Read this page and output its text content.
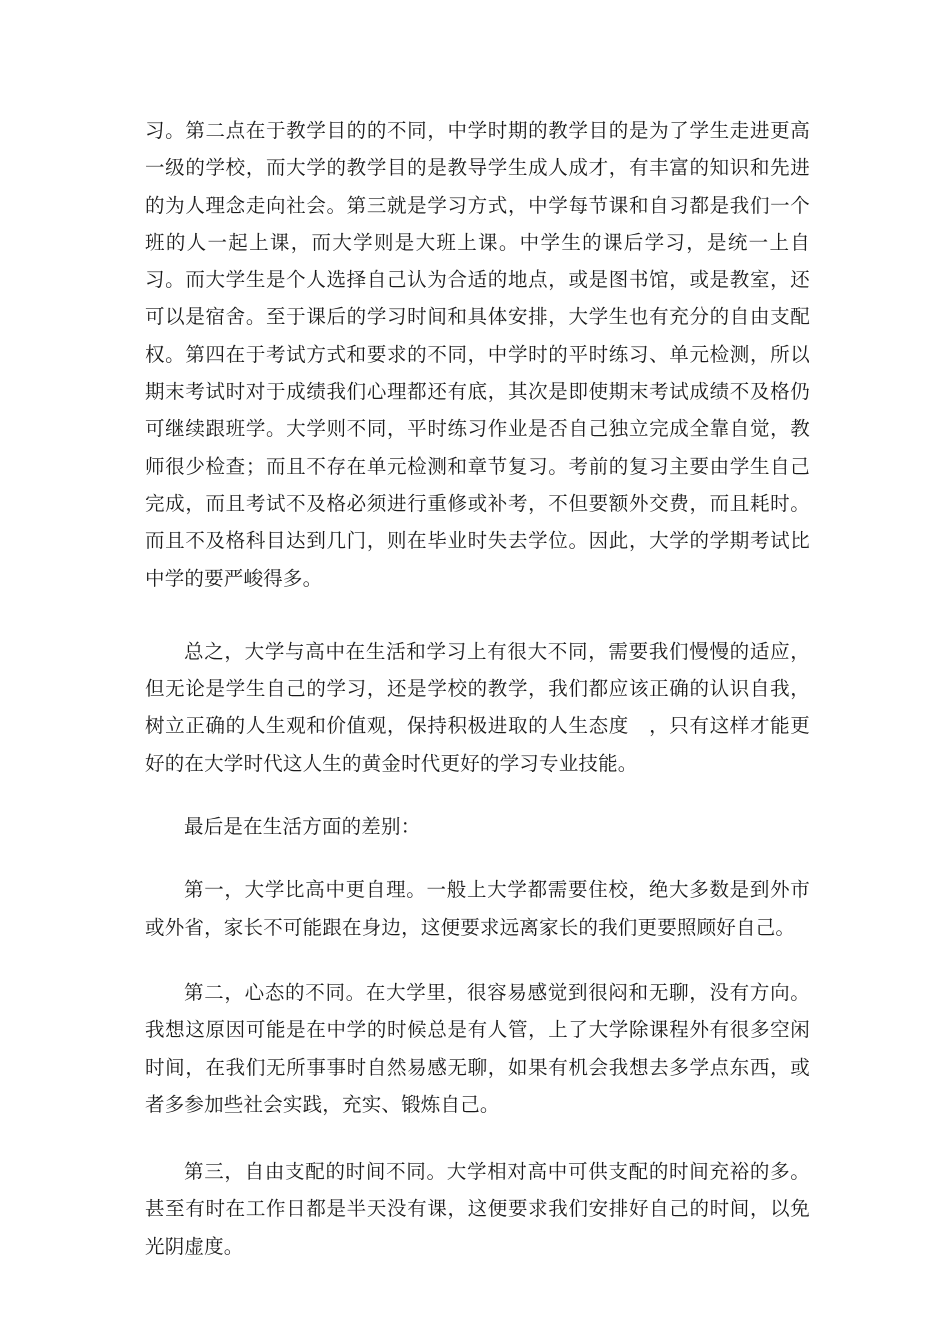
习。第二点在于教学目的的不同，中学时期的教学目的是为了学生走进更高一级的学校，而大学的教学目的是教导学生成人成才，有丰富的知识和先进的为人理念走向社会。第三就是学习方式，中学每节课和自习都是我们一个班的人一起上课，而大学则是大班上课。中学生的课后学习，是统一上自习。而大学生是个人选择自己认为合适的地点，或是图书馆，或是教室，还可以是宿舍。至于课后的学习时间和具体安排，大学生也有充分的自由支配权。第四在于考试方式和要求的不同，中学时的平时练习、单元检测，所以期末考试时对于成绩我们心理都还有底，其次是即使期末考试成绩不及格仍可继续跟班学。大学则不同，平时练习作业是否自己独立完成全靠自觉，教师很少检查；而且不存在单元检测和章节复习。考前的复习主要由学生自己完成，而且考试不及格必须进行重修或补考，不但要额外交费，而且耗时。而且不及格科目达到几门，则在毕业时失去学位。因此，大学的学期考试比中学的要严峻得多。

总之，大学与高中在生活和学习上有很大不同，需要我们慢慢的适应，但无论是学生自己的学习，还是学校的教学，我们都应该正确的认识自我，树立正确的人生观和价值观，保持积极进取的人生态度　，只有这样才能更好的在大学时代这人生的黄金时代更好的学习专业技能。

最后是在生活方面的差别：

第一，大学比高中更自理。一般上大学都需要住校，绝大多数是到外市或外省，家长不可能跟在身边，这便要求远离家长的我们更要照顾好自己。

第二，心态的不同。在大学里，很容易感觉到很闷和无聊，没有方向。我想这原因可能是在中学的时候总是有人管，上了大学除课程外有很多空闲时间，在我们无所事事时自然易感无聊，如果有机会我想去多学点东西，或者多参加些社会实践，充实、锻炼自己。

第三，自由支配的时间不同。大学相对高中可供支配的时间充裕的多。甚至有时在工作日都是半天没有课，这便要求我们安排好自己的时间，以免光阴虚度。
